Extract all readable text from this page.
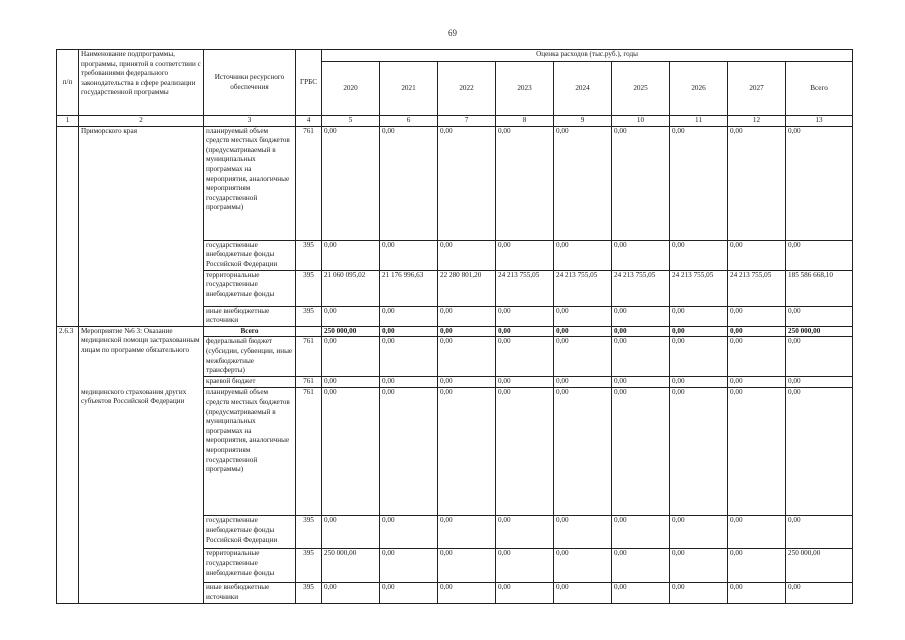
69
п/п	Наименование подпрограммы, программы, принятой в соответствии с требованиями федерального законодательства в сфере реализации государственной программы	Источники ресурсного обеспечения	ГРБС	Оценка расходов (тыс.руб.), годы								
				2020	2021	2022	2023	2024	2025	2026	2027	Всего
1	2	3	4	5	6	7	8	9	10	11	12	13
	Приморского края	планируемый объем средств местных бюджетов (предусматриваемый в муниципальных программах на мероприятия, аналогичные мероприятиям государственной программы)	761	0,00	0,00	0,00	0,00	0,00	0,00	0,00	0,00	0,00
		государственные внебюджетные фонды Российской Федерации	395	0,00	0,00	0,00	0,00	0,00	0,00	0,00	0,00	0,00
		территориальные государственные внебюджетные фонды	395	21 060 095,02	21 176 996,63	22 280 801,20	24 213 755,05	24 213 755,05	24 213 755,05	24 213 755,05	24 213 755,05	185 586 668,10
		иные внебюджетные источники	395	0,00	0,00	0,00	0,00	0,00	0,00	0,00	0,00	0,00
2.6.3	Мероприятие №6 3: Оказание медицинской помощи застрахованным лицам по программе обязательного	Всего		250 000,00	0,00	0,00	0,00	0,00	0,00	0,00	0,00	250 000,00
		федеральный бюджет (субсидии, субвенции, иные межбюджетные трансферты)	761	0,00	0,00	0,00	0,00	0,00	0,00	0,00	0,00	0,00
		краевой бюджет	761	0,00	0,00	0,00	0,00	0,00	0,00	0,00	0,00	0,00
	медицинского страхования других субъектов Российской Федерации	планируемый объем средств местных бюджетов (предусматриваемый в муниципальных программах на мероприятия, аналогичные мероприятиям государственной программы)	761	0,00	0,00	0,00	0,00	0,00	0,00	0,00	0,00	0,00
		государственные внебюджетные фонды Российской Федерации	395	0,00	0,00	0,00	0,00	0,00	0,00	0,00	0,00	0,00
		территориальные государственные внебюджетные фонды	395	250 000,00	0,00	0,00	0,00	0,00	0,00	0,00	0,00	250 000,00
		иные внебюджетные источники	395	0,00	0,00	0,00	0,00	0,00	0,00	0,00	0,00	0,00
